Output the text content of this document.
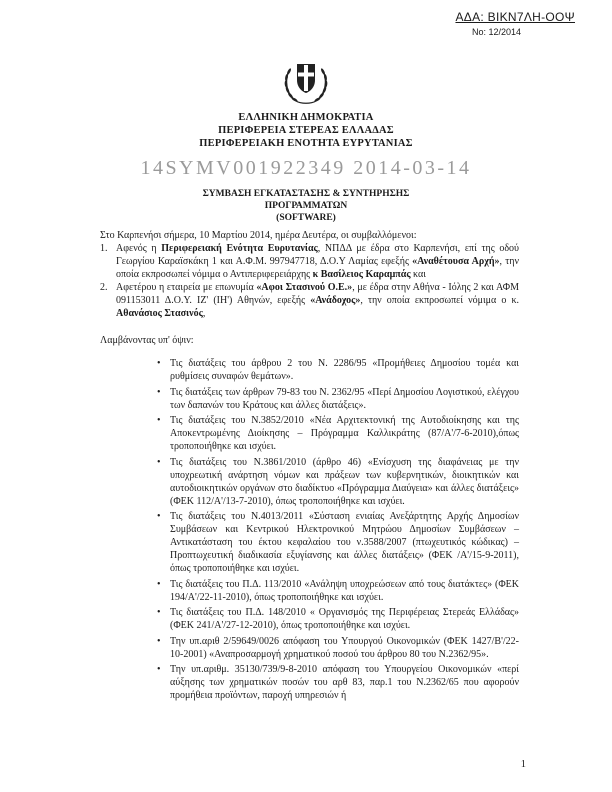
ΑΔΑ: ΒΙΚΝ7ΛΗ-ΟΟΨ
Νο: 12/2014
ΕΛΛΗΝΙΚΗ ΔΗΜΟΚΡΑΤΙΑ
ΠΕΡΙΦΕΡΕΙΑ ΣΤΕΡΕΑΣ ΕΛΛΑΔΑΣ
ΠΕΡΙΦΕΡΕΙΑΚΗ ΕΝΟΤΗΤΑ ΕΥΡΥΤΑΝΙΑΣ
14SYMV001922349 2014-03-14
ΣΥΜΒΑΣΗ ΕΓΚΑΤΑΣΤΑΣΗΣ & ΣΥΝΤΗΡΗΣΗΣ
ΠΡΟΓΡΑΜΜΑΤΩΝ
(SOFTWARE)

Στο Καρπενήσι σήμερα, 10 Μαρτίου 2014, ημέρα Δευτέρα, οι συμβαλλόμενοι:

1. Αφενός η Περιφερειακή Ενότητα Ευρυτανίας, ΝΠΔΔ με έδρα στο Καρπενήσι, επί της οδού Γεωργίου Καραϊσκάκη 1 και Α.Φ.Μ. 997947718, Δ.Ο.Υ Λαμίας εφεξής «Αναθέτουσα Αρχή», την οποία εκπροσωπεί νόμιμα ο Αντιπεριφερειάρχης κ Βασίλειος Καραμπάς και
2. Αφετέρου η εταιρεία με επωνυμία «Αφοι Στασινού Ο.Ε.», με έδρα στην Αθήνα - Ιόλης 2 και ΑΦΜ 091153011 Δ.Ο.Υ. ΙΖ' (ΙΗ') Αθηνών, εφεξής «Ανάδοχος», την οποία εκπροσωπεί νόμιμα ο κ. Αθανάσιος Στασινός,

Λαμβάνοντας υπ' όψιν:

• Τις διατάξεις του άρθρου 2 του Ν. 2286/95 «Προμήθειες Δημοσίου τομέα και ρυθμίσεις συναφών θεμάτων».
• Τις διατάξεις των άρθρων 79-83 του Ν. 2362/95 «Περί Δημοσίου Λογιστικού, ελέγχου των δαπανών του Κράτους και άλλες διατάξεις».
• Τις διατάξεις του Ν.3852/2010 «Νέα Αρχιτεκτονική της Αυτοδιοίκησης και της Αποκεντρωμένης Διοίκησης – Πρόγραμμα Καλλικράτης (87/Α'/7-6-2010),όπως τροποποιήθηκε και ισχύει.
• Τις διατάξεις του Ν.3861/2010 (άρθρο 46) «Ενίσχυση της διαφάνειας με την υποχρεωτική ανάρτηση νόμων και πράξεων των κυβερνητικών, διοικητικών και αυτοδιοικητικών οργάνων στο διαδίκτυο «Πρόγραμμα Διαύγεια» και άλλες διατάξεις» (ΦΕΚ 112/Α'/13-7-2010), όπως τροποποιήθηκε και ισχύει.
• Τις διατάξεις του Ν.4013/2011 «Σύσταση ενιαίας Ανεξάρτητης Αρχής Δημοσίων Συμβάσεων και Κεντρικού Ηλεκτρονικού Μητρώου Δημοσίων Συμβάσεων – Αντικατάσταση του έκτου κεφαλαίου του ν.3588/2007 (πτωχευτικός κώδικας) – Προπτωχευτική διαδικασία εξυγίανσης και άλλες διατάξεις» (ΦΕΚ /Α'/15-9-2011), όπως τροποποιήθηκε και ισχύει.
• Τις διατάξεις του Π.Δ. 113/2010 «Ανάληψη υποχρεώσεων από τους διατάκτες» (ΦΕΚ 194/Α'/22-11-2010), όπως τροποποιήθηκε και ισχύει.
• Τις διατάξεις του Π.Δ. 148/2010 « Οργανισμός της Περιφέρειας Στερεάς Ελλάδας» (ΦΕΚ 241/Α'/27-12-2010), όπως τροποποιήθηκε και ισχύει.
• Την υπ.αριθ 2/59649/0026 απόφαση του Υπουργού Οικονομικών (ΦΕΚ 1427/Β'/22-10-2001) «Αναπροσαρμογή χρηματικού ποσού του άρθρου 80 του Ν.2362/95».
• Την υπ.αριθμ. 35130/739/9-8-2010 απόφαση του Υπουργείου Οικονομικών «περί αύξησης των χρηματικών ποσών του αρθ 83, παρ.1 του Ν.2362/65 που αφορούν προμήθεια προϊόντων, παροχή υπηρεσιών ή
1
